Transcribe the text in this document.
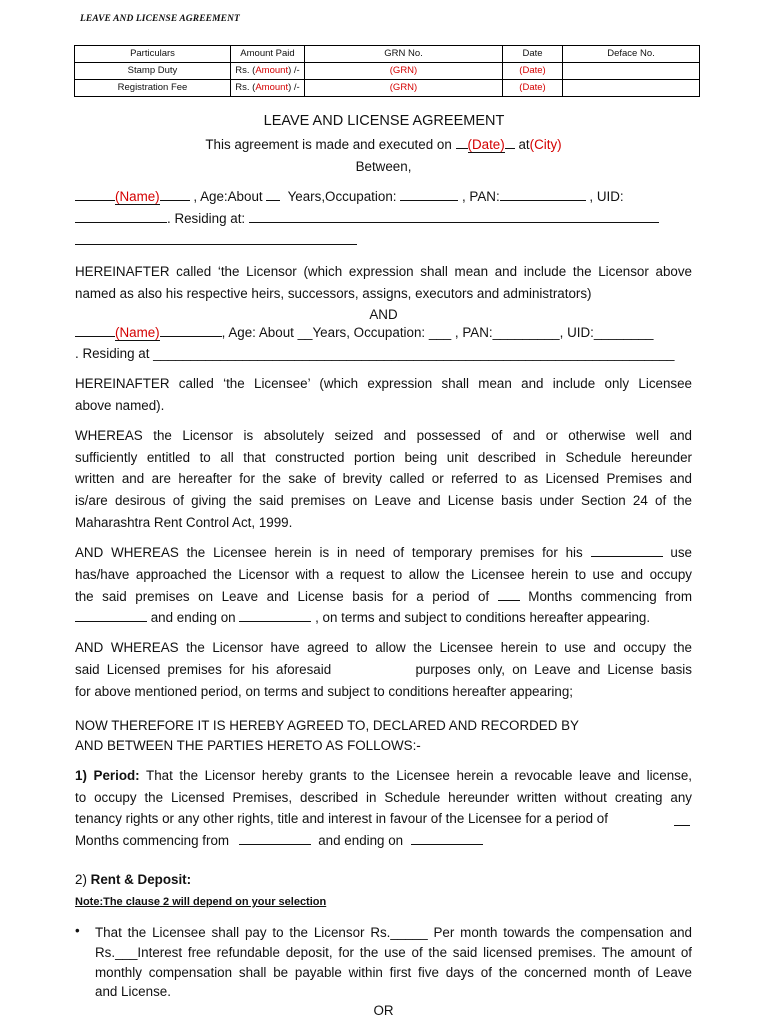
LEAVE AND LICENSE AGREEMENT
Particulars	Amount Paid	GRN No.	Date	Deface No.
Stamp Duty	Rs. (Amount) /-	(GRN)	(Date)	
Registration Fee	Rs. (Amount) /-	(GRN)	(Date)	
LEAVE AND LICENSE AGREEMENT
This agreement is made and executed on (Date) at(City)
Between,
(Name)	, Age:About Years,Occupation:	, PAN:	, UID:
. Residing at:
HEREINAFTER called ‘the Licensor (which expression shall mean and include the Licensor above
named as also his respective heirs, successors, assigns, executors and administrators)
AND
(Name)	, Age: About __Years, Occupation: ___ , PAN:_________, UID:________
. Residing at ______________________________________________________________________
HEREINAFTER called ‘the Licensee’ (which expression shall mean and include only Licensee
above named).
WHEREAS the Licensor is absolutely seized and possessed of and or otherwise well and
sufficiently entitled to all that constructed portion being unit described in Schedule hereunder
written and are hereafter for the sake of brevity called or referred to as Licensed Premises and
is/are desirous of giving the said premises on Leave and License basis under Section 24 of the
Maharashtra Rent Control Act, 1999.
AND WHEREAS the Licensee herein is in need of temporary premises for his	use
has/have approached the Licensor with a request to allow the Licensee herein to use and occupy
the said premises on Leave and License basis for a period of	Months commencing from
and ending on	, on terms and subject to conditions hereafter appearing.
AND WHEREAS the Licensor have agreed to allow the Licensee herein to use and occupy the
said Licensed premises for his aforesaid	purposes only, on Leave and License basis
for above mentioned period, on terms and subject to conditions hereafter appearing;
NOW THEREFORE IT IS HEREBY AGREED TO, DECLARED AND RECORDED BY
AND BETWEEN THE PARTIES HERETO AS FOLLOWS:-
1) Period: That the Licensor hereby grants to the Licensee herein a revocable leave and license,
to occupy the Licensed Premises, described in Schedule hereunder written without creating any
tenancy rights or any other rights, title and interest in favour of the Licensee for a period of
Months commencing from	and ending on
2) Rent & Deposit:
Note:The clause 2 will depend on your selection
• That the Licensee shall pay to the Licensor Rs._____ Per month towards the compensation and
Rs.___Interest free refundable deposit, for the use of the said licensed premises. The amount of
monthly compensation shall be payable within first five days of the concerned month of Leave
and License.
OR
